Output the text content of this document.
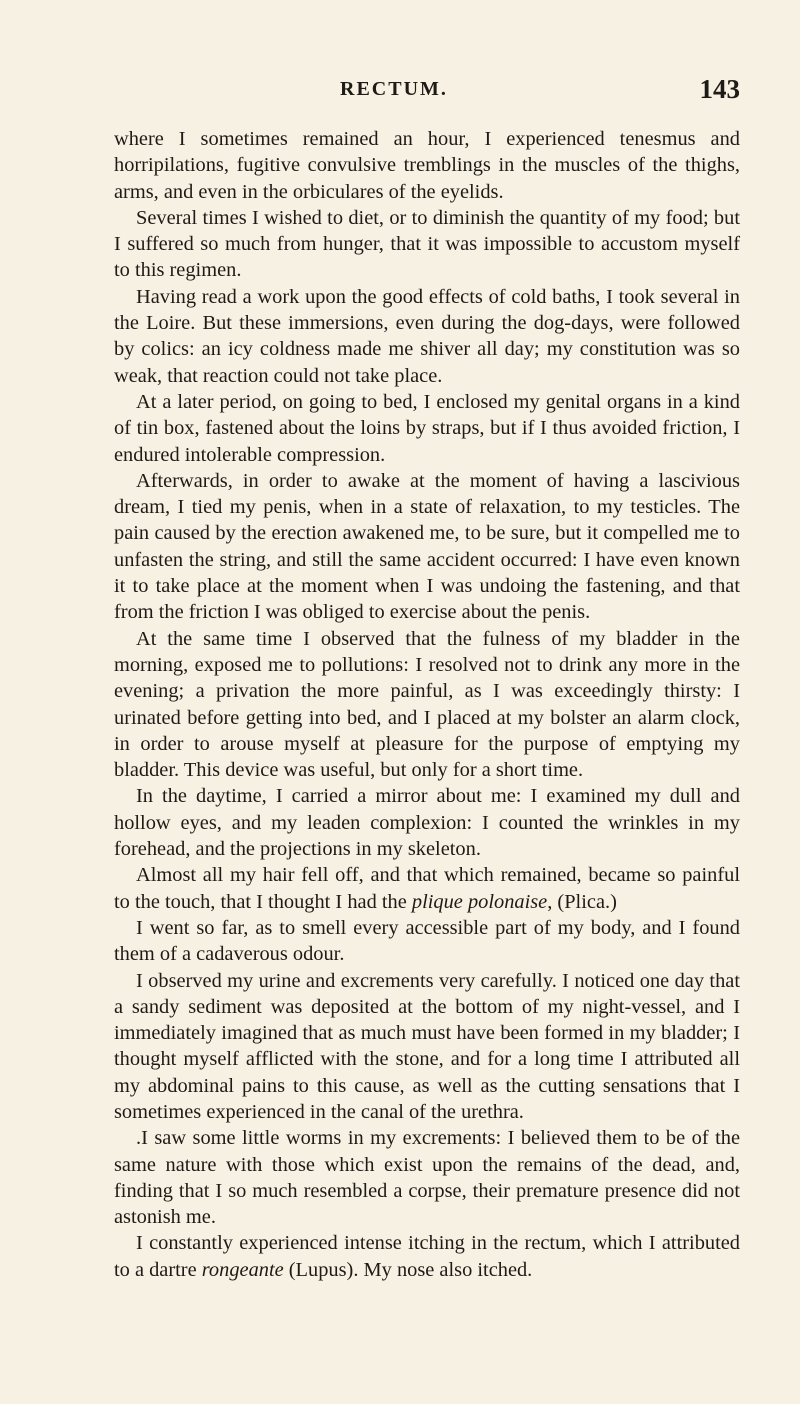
RECTUM.	143

where I sometimes remained an hour, I experienced tenesmus and horripilations, fugitive convulsive tremblings in the muscles of the thighs, arms, and even in the orbiculares of the eyelids.

Several times I wished to diet, or to diminish the quantity of my food; but I suffered so much from hunger, that it was impossible to accustom myself to this regimen.

Having read a work upon the good effects of cold baths, I took several in the Loire. But these immersions, even during the dog-days, were followed by colics: an icy coldness made me shiver all day; my constitution was so weak, that reaction could not take place.

At a later period, on going to bed, I enclosed my genital organs in a kind of tin box, fastened about the loins by straps, but if I thus avoided friction, I endured intolerable compression.

Afterwards, in order to awake at the moment of having a lascivious dream, I tied my penis, when in a state of relaxation, to my testicles. The pain caused by the erection awakened me, to be sure, but it compelled me to unfasten the string, and still the same accident occurred: I have even known it to take place at the moment when I was undoing the fastening, and that from the friction I was obliged to exercise about the penis.

At the same time I observed that the fulness of my bladder in the morning, exposed me to pollutions: I resolved not to drink any more in the evening; a privation the more painful, as I was exceedingly thirsty: I urinated before getting into bed, and I placed at my bolster an alarm clock, in order to arouse myself at pleasure for the purpose of emptying my bladder. This device was useful, but only for a short time.

In the daytime, I carried a mirror about me: I examined my dull and hollow eyes, and my leaden complexion: I counted the wrinkles in my forehead, and the projections in my skeleton.

Almost all my hair fell off, and that which remained, became so painful to the touch, that I thought I had the plique polonaise, (Plica.)

I went so far, as to smell every accessible part of my body, and I found them of a cadaverous odour.

I observed my urine and excrements very carefully. I noticed one day that a sandy sediment was deposited at the bottom of my night-vessel, and I immediately imagined that as much must have been formed in my bladder; I thought myself afflicted with the stone, and for a long time I attributed all my abdominal pains to this cause, as well as the cutting sensations that I sometimes experienced in the canal of the urethra.

.I saw some little worms in my excrements: I believed them to be of the same nature with those which exist upon the remains of the dead, and, finding that I so much resembled a corpse, their premature presence did not astonish me.

I constantly experienced intense itching in the rectum, which I attributed to a dartre rongeante (Lupus). My nose also itched.
